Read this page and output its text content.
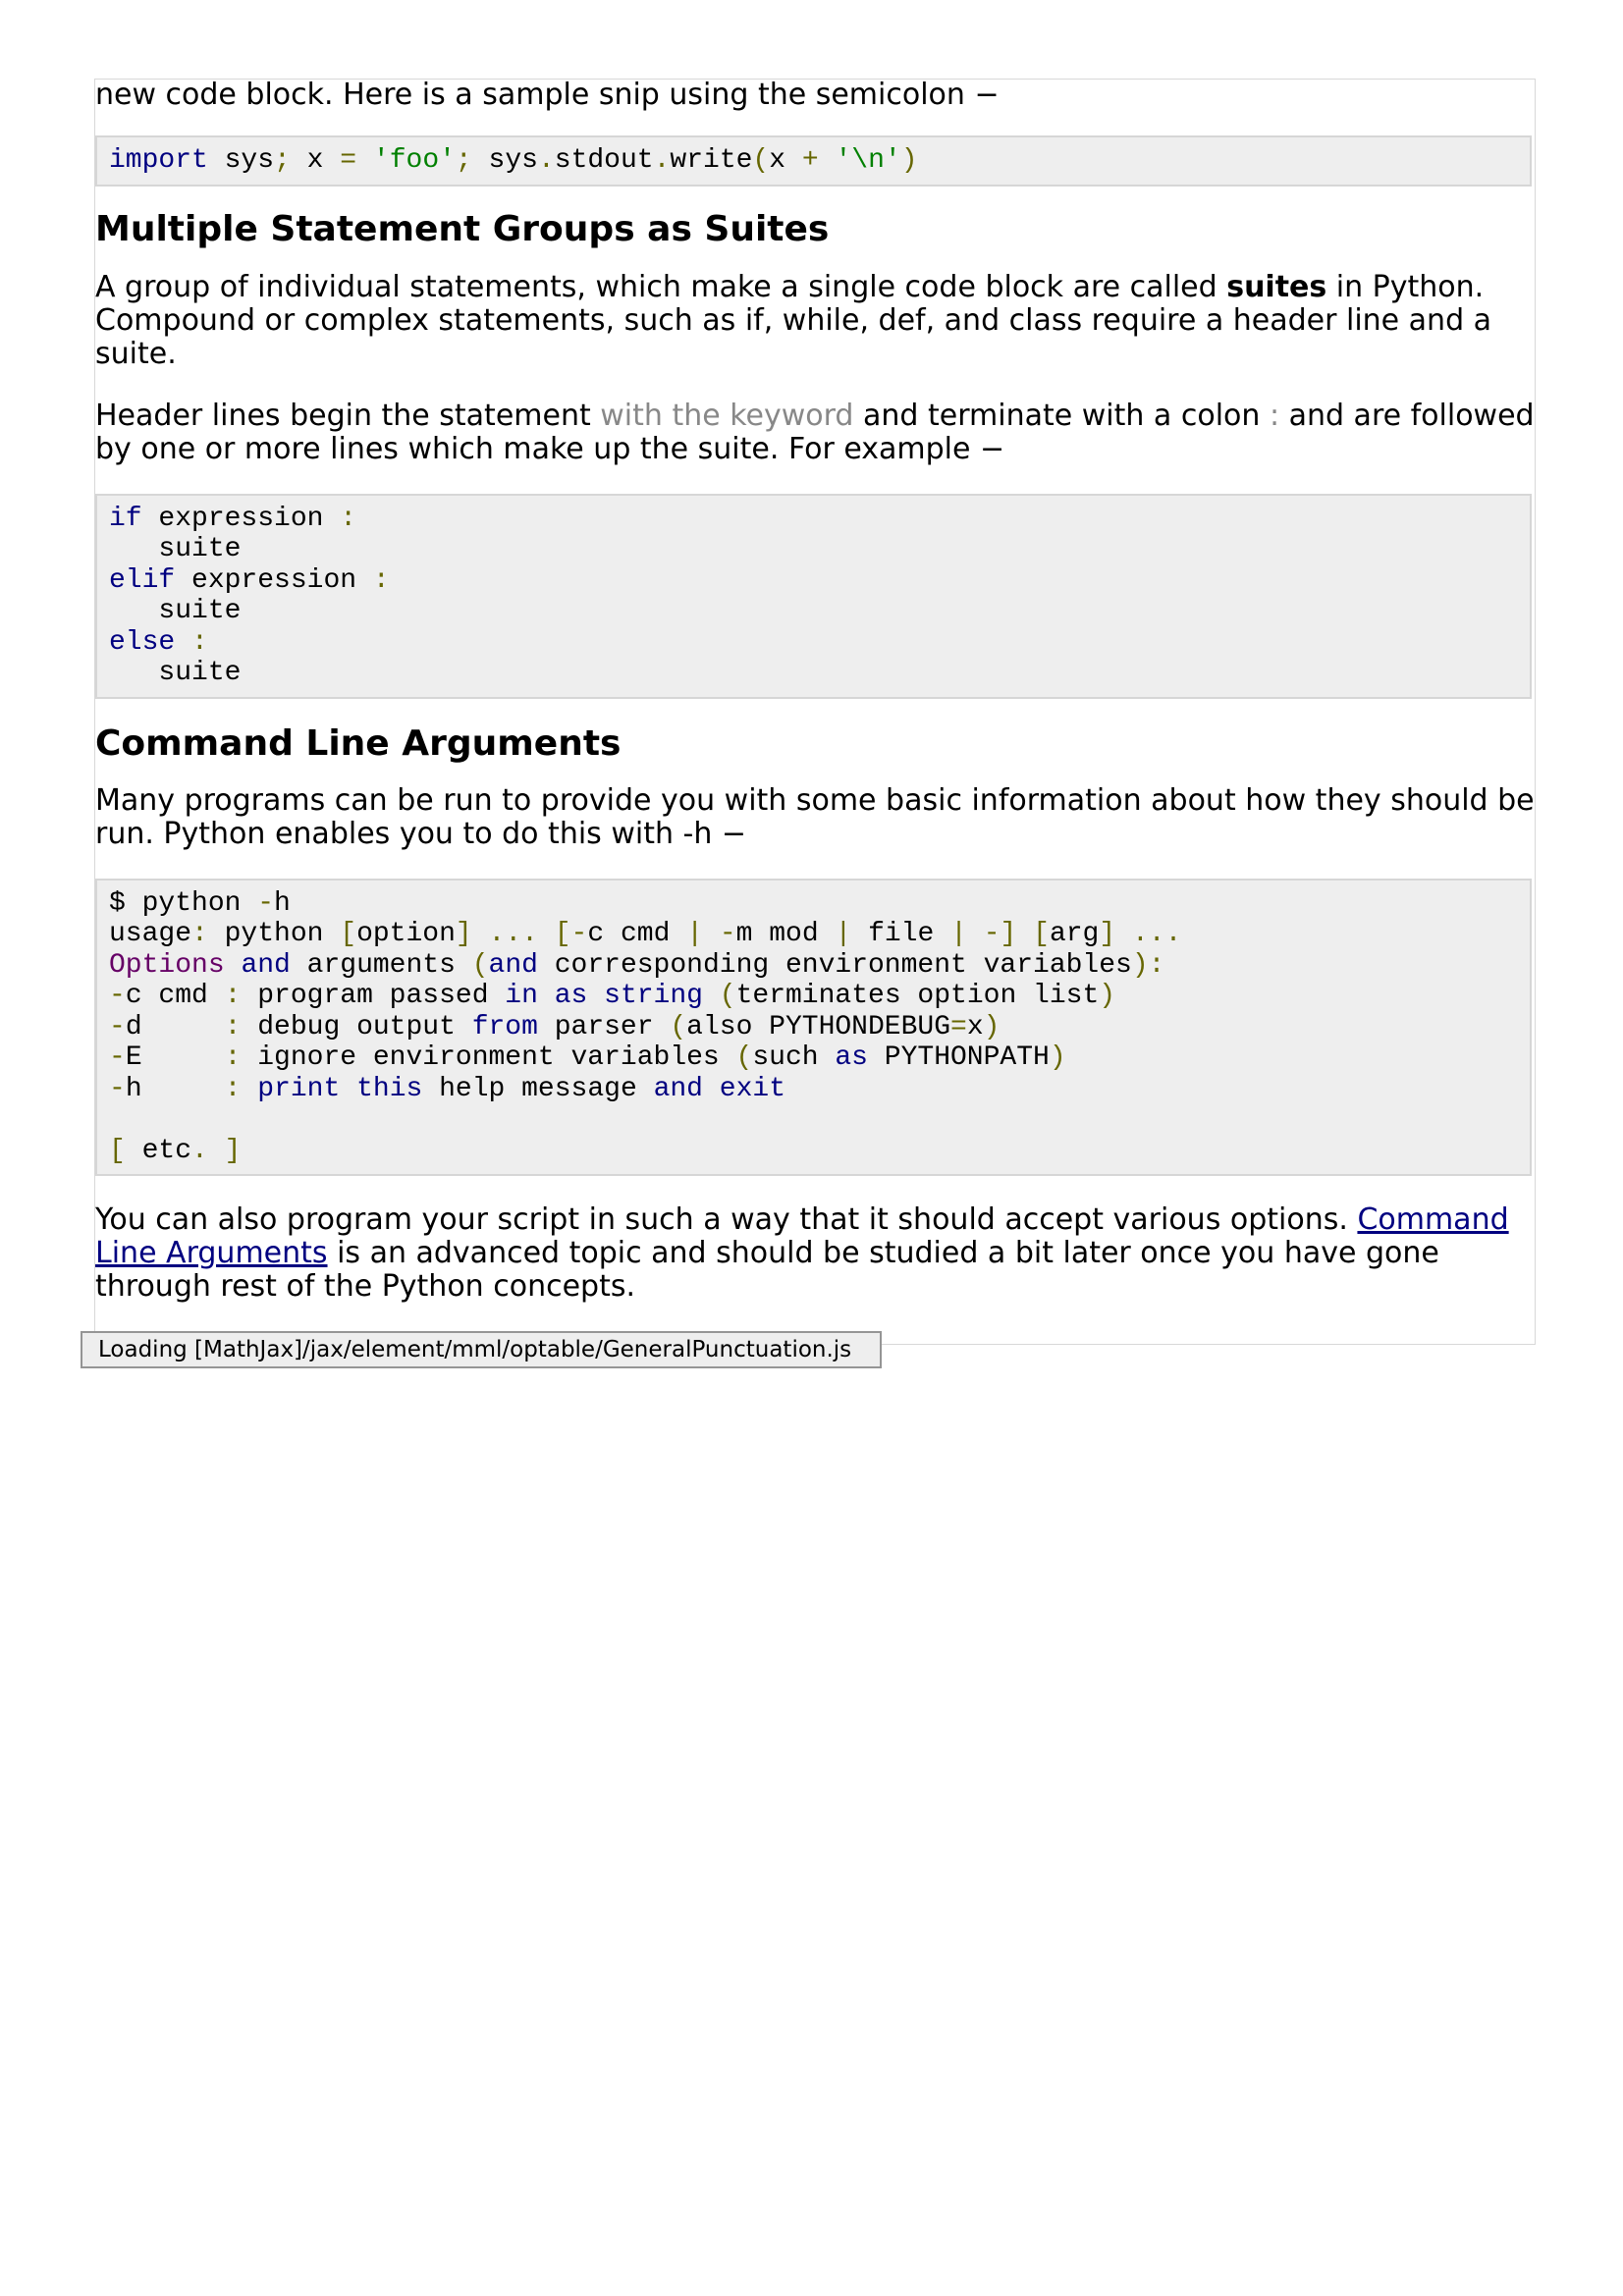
new code block. Here is a sample snip using the semicolon −

import sys; x = 'foo'; sys.stdout.write(x + '\n')
Multiple Statement Groups as Suites

A group of individual statements, which make a single code block are called suites in Python. Compound or complex statements, such as if, while, def, and class require a header line and a suite.

Header lines begin the statement with the keyword and terminate with a colon : and are followed by one or more lines which make up the suite. For example −

if expression :
suite
elif expression :
suite
else :
suite
Command Line Arguments

Many programs can be run to provide you with some basic information about how they should be run. Python enables you to do this with -h −

$ python -h
usage: python [option] ... [-c cmd | -m mod | file | -] [arg] ...
Options and arguments (and corresponding environment variables):
-c cmd : program passed in as string (terminates option list)
-d     : debug output from parser (also PYTHONDEBUG=x)
-E     : ignore environment variables (such as PYTHONPATH)
-h     : print this help message and exit

[ etc. ]

You can also program your script in such a way that it should accept various options. Command Line Arguments is an advanced topic and should be studied a bit later once you have gone through rest of the Python concepts.

Loading [MathJax]/jax/element/mml/optable/GeneralPunctuation.js
